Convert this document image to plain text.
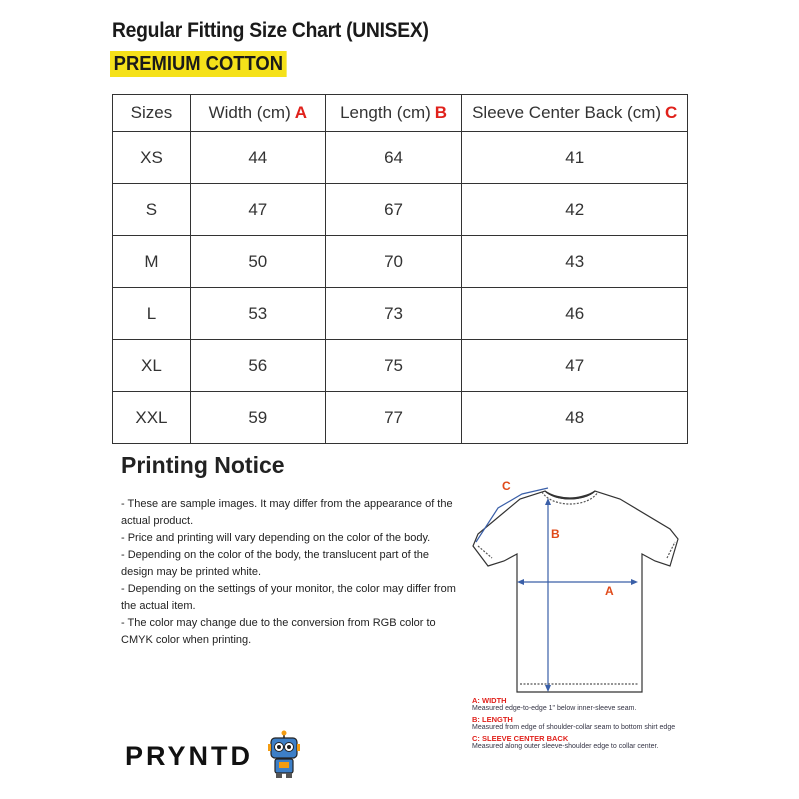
Regular Fitting Size Chart (UNISEX)
PREMIUM COTTON
Sizes	Width (cm) A	Length (cm) B	Sleeve Center Back (cm) C
XS	44	64	41
S	47	67	42
M	50	70	43
L	53	73	46
XL	56	75	47
XXL	59	77	48
Printing Notice
- These are sample images. It may differ from the appearance of the actual product.
- Price and printing will vary depending on the color of the body.
- Depending on the color of the body, the translucent part of the design may be printed white.
- Depending on the settings of your monitor, the color may differ from the actual item.
- The color may change due to the conversion from RGB color to CMYK color when printing.
B
A
C
A: WIDTH
Measured edge-to-edge 1" below inner-sleeve seam.
B: LENGTH
Measured from edge of shoulder-collar seam to bottom shirt edge
C: SLEEVE CENTER BACK
Measured along outer sleeve-shoulder edge to collar center.
PRYNTD
